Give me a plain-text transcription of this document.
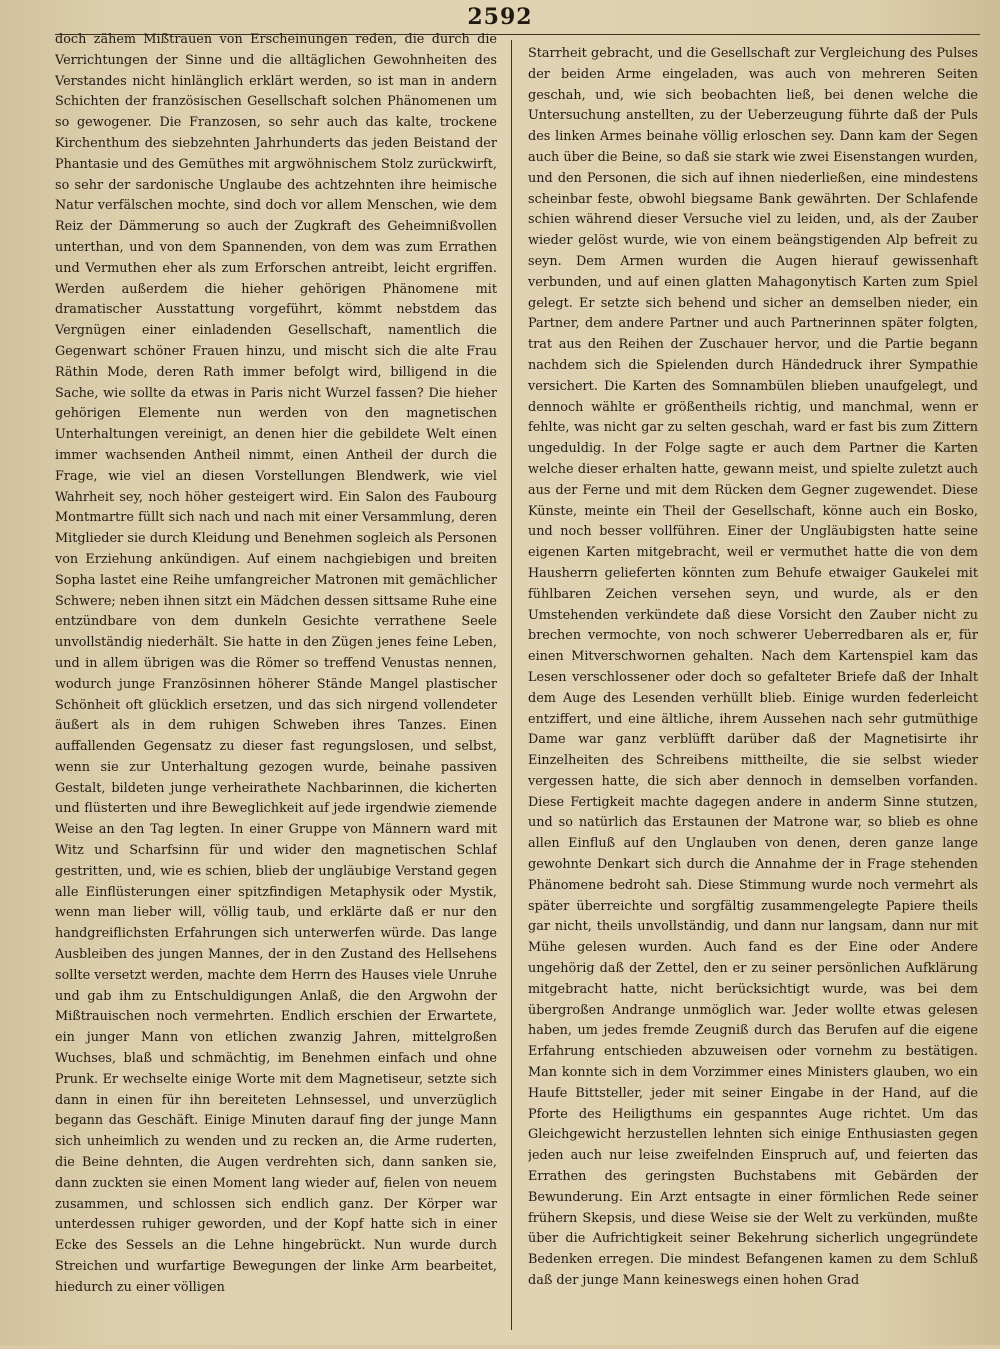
2592

doch zähem Mißtrauen von Erscheinungen reden, die durch die Verrichtungen der Sinne und die alltäglichen Gewohnheiten des Verstandes nicht hinlänglich erklärt werden, so ist man in andern Schichten der französischen Gesellschaft solchen Phänomenen um so gewogener. Die Franzosen, so sehr auch das kalte, trockene Kirchenthum des siebzehnten Jahrhunderts das jeden Beistand der Phantasie und des Gemüthes mit argwöhnischem Stolz zurückwirft, so sehr der sardonische Unglaube des achtzehnten ihre heimische Natur verfälschen mochte, sind doch vor allem Menschen, wie dem Reiz der Dämmerung so auch der Zugkraft des Geheimnißvollen unterthan, und von dem Spannenden, von dem was zum Errathen und Vermuthen eher als zum Erforschen antreibt, leicht ergriffen. Werden außerdem die hieher gehörigen Phänomene mit dramatischer Ausstattung vorgeführt, kömmt nebstdem das Vergnügen einer einladenden Gesellschaft, namentlich die Gegenwart schöner Frauen hinzu, und mischt sich die alte Frau Räthin Mode, deren Rath immer befolgt wird, billigend in die Sache, wie sollte da etwas in Paris nicht Wurzel fassen? Die hieher gehörigen Elemente nun werden von den magnetischen Unterhaltungen vereinigt, an denen hier die gebildete Welt einen immer wachsenden Antheil nimmt, einen Antheil der durch die Frage, wie viel an diesen Vorstellungen Blendwerk, wie viel Wahrheit sey, noch höher gesteigert wird. Ein Salon des Faubourg Montmartre füllt sich nach und nach mit einer Versammlung, deren Mitglieder sie durch Kleidung und Benehmen sogleich als Personen von Erziehung ankündigen. Auf einem nachgiebigen und breiten Sopha lastet eine Reihe umfangreicher Matronen mit gemächlicher Schwere; neben ihnen sitzt ein Mädchen dessen sittsame Ruhe eine entzündbare von dem dunkeln Gesichte verrathene Seele unvollständig niederhält. Sie hatte in den Zügen jenes feine Leben, und in allem übrigen was die Römer so treffend Venustas nennen, wodurch junge Französinnen höherer Stände Mangel plastischer Schönheit oft glücklich ersetzen, und das sich nirgend vollendeter äußert als in dem ruhigen Schweben ihres Tanzes. Einen auffallenden Gegensatz zu dieser fast regungslosen, und selbst, wenn sie zur Unterhaltung gezogen wurde, beinahe passiven Gestalt, bildeten junge verheirathete Nachbarinnen, die kicherten und flüsterten und ihre Beweglichkeit auf jede irgendwie ziemende Weise an den Tag legten. In einer Gruppe von Männern ward mit Witz und Scharfsinn für und wider den magnetischen Schlaf gestritten, und, wie es schien, blieb der ungläubige Verstand gegen alle Einflüsterungen einer spitzfindigen Metaphysik oder Mystik, wenn man lieber will, völlig taub, und erklärte daß er nur den handgreiflichsten Erfahrungen sich unterwerfen würde. Das lange Ausbleiben des jungen Mannes, der in den Zustand des Hellsehens sollte versetzt werden, machte dem Herrn des Hauses viele Unruhe und gab ihm zu Entschuldigungen Anlaß, die den Argwohn der Mißtrauischen noch vermehrten. Endlich erschien der Erwartete, ein junger Mann von etlichen zwanzig Jahren, mittelgroßen Wuchses, blaß und schmächtig, im Benehmen einfach und ohne Prunk. Er wechselte einige Worte mit dem Magnetiseur, setzte sich dann in einen für ihn bereiteten Lehnsessel, und unverzüglich begann das Geschäft. Einige Minuten darauf fing der junge Mann sich unheimlich zu wenden und zu recken an, die Arme ruderten, die Beine dehnten, die Augen verdrehten sich, dann sanken sie, dann zuckten sie einen Moment lang wieder auf, fielen von neuem zusammen, und schlossen sich endlich ganz. Der Körper war unterdessen ruhiger geworden, und der Kopf hatte sich in einer Ecke des Sessels an die Lehne hingebrückt. Nun wurde durch Streichen und wurfartige Bewegungen der linke Arm bearbeitet, hiedurch zu einer völligen

Starrheit gebracht, und die Gesellschaft zur Vergleichung des Pulses der beiden Arme eingeladen, was auch von mehreren Seiten geschah, und, wie sich beobachten ließ, bei denen welche die Untersuchung anstellten, zu der Ueberzeugung führte daß der Puls des linken Armes beinahe völlig erloschen sey. Dann kam der Segen auch über die Beine, so daß sie stark wie zwei Eisenstangen wurden, und den Personen, die sich auf ihnen niederließen, eine mindestens scheinbar feste, obwohl biegsame Bank gewährten. Der Schlafende schien während dieser Versuche viel zu leiden, und, als der Zauber wieder gelöst wurde, wie von einem beängstigenden Alp befreit zu seyn. Dem Armen wurden die Augen hierauf gewissenhaft verbunden, und auf einen glatten Mahagonytisch Karten zum Spiel gelegt. Er setzte sich behend und sicher an demselben nieder, ein Partner, dem andere Partner und auch Partnerinnen später folgten, trat aus den Reihen der Zuschauer hervor, und die Partie begann nachdem sich die Spielenden durch Händedruck ihrer Sympathie versichert. Die Karten des Somnambülen blieben unaufgelegt, und dennoch wählte er größentheils richtig, und manchmal, wenn er fehlte, was nicht gar zu selten geschah, ward er fast bis zum Zittern ungeduldig. In der Folge sagte er auch dem Partner die Karten welche dieser erhalten hatte, gewann meist, und spielte zuletzt auch aus der Ferne und mit dem Rücken dem Gegner zugewendet. Diese Künste, meinte ein Theil der Gesellschaft, könne auch ein Bosko, und noch besser vollführen. Einer der Ungläubigsten hatte seine eigenen Karten mitgebracht, weil er vermuthet hatte die von dem Hausherrn gelieferten könnten zum Behufe etwaiger Gaukelei mit fühlbaren Zeichen versehen seyn, und wurde, als er den Umstehenden verkündete daß diese Vorsicht den Zauber nicht zu brechen vermochte, von noch schwerer Ueberredbaren als er, für einen Mitverschwornen gehalten. Nach dem Kartenspiel kam das Lesen verschlossener oder doch so gefalteter Briefe daß der Inhalt dem Auge des Lesenden verhüllt blieb. Einige wurden federleicht entziffert, und eine ältliche, ihrem Aussehen nach sehr gutmüthige Dame war ganz verblüfft darüber daß der Magnetisirte ihr Einzelheiten des Schreibens mittheilte, die sie selbst wieder vergessen hatte, die sich aber dennoch in demselben vorfanden. Diese Fertigkeit machte dagegen andere in anderm Sinne stutzen, und so natürlich das Erstaunen der Matrone war, so blieb es ohne allen Einfluß auf den Unglauben von denen, deren ganze lange gewohnte Denkart sich durch die Annahme der in Frage stehenden Phänomene bedroht sah. Diese Stimmung wurde noch vermehrt als später überreichte und sorgfältig zusammengelegte Papiere theils gar nicht, theils unvollständig, und dann nur langsam, dann nur mit Mühe gelesen wurden. Auch fand es der Eine oder Andere ungehörig daß der Zettel, den er zu seiner persönlichen Aufklärung mitgebracht hatte, nicht berücksichtigt wurde, was bei dem übergroßen Andrange unmöglich war. Jeder wollte etwas gelesen haben, um jedes fremde Zeugniß durch das Berufen auf die eigene Erfahrung entschieden abzuweisen oder vornehm zu bestätigen. Man konnte sich in dem Vorzimmer eines Ministers glauben, wo ein Haufe Bittsteller, jeder mit seiner Eingabe in der Hand, auf die Pforte des Heiligthums ein gespanntes Auge richtet. Um das Gleichgewicht herzustellen lehnten sich einige Enthusiasten gegen jeden auch nur leise zweifelnden Einspruch auf, und feierten das Errathen des geringsten Buchstabens mit Gebärden der Bewunderung. Ein Arzt entsagte in einer förmlichen Rede seiner frühern Skepsis, und diese Weise sie der Welt zu verkünden, mußte über die Aufrichtigkeit seiner Bekehrung sicherlich ungegründete Bedenken erregen. Die mindest Befangenen kamen zu dem Schluß daß der junge Mann keineswegs einen hohen Grad
